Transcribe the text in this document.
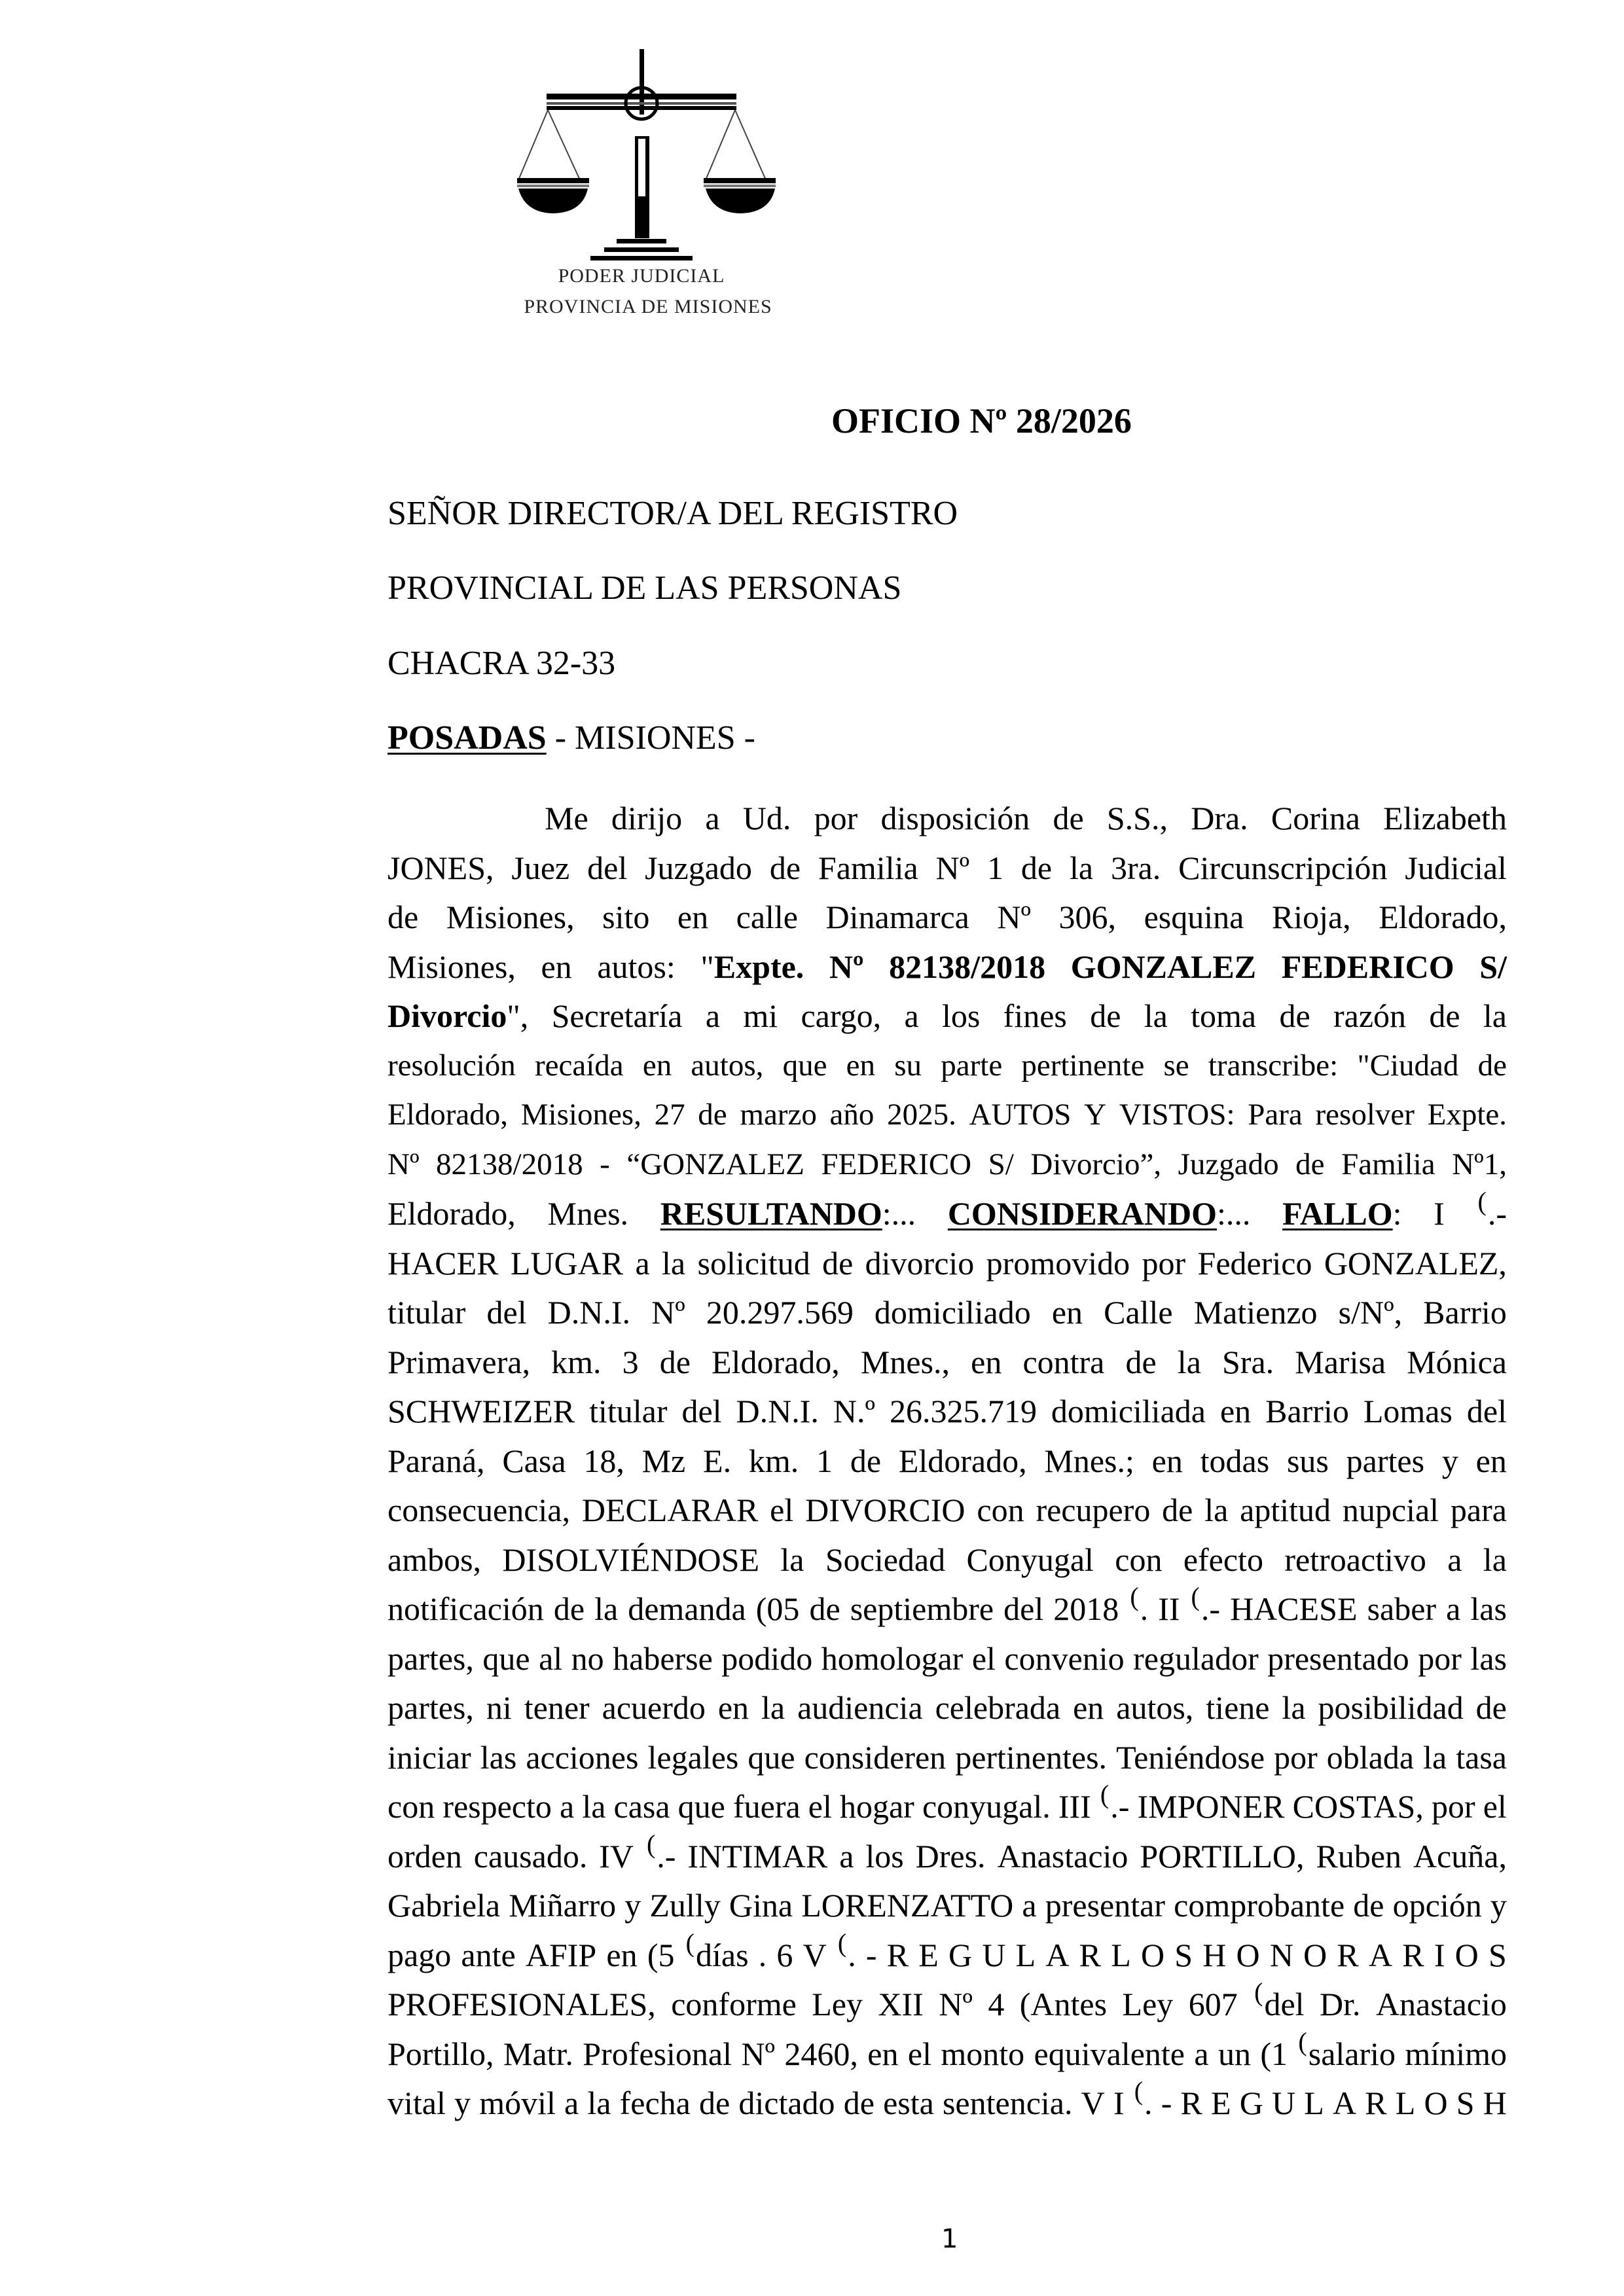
PODER JUDICIAL
PROVINCIA DE MISIONES
OFICIO Nº 28/2026
SEÑOR DIRECTOR/A DEL REGISTRO
PROVINCIAL DE LAS PERSONAS
CHACRA 32-33
POSADAS - MISIONES -
Me dirijo a Ud. por disposición de S.S., Dra. Corina Elizabeth
JONES, Juez del Juzgado de Familia Nº 1 de la 3ra. Circunscripción Judicial
de Misiones, sito en calle Dinamarca Nº 306, esquina Rioja, Eldorado,
Misiones, en autos: "Expte. Nº 82138/2018 GONZALEZ FEDERICO S/
Divorcio", Secretaría a mi cargo, a los fines de la toma de razón de la
resolución recaída en autos, que en su parte pertinente se transcribe: "Ciudad de
Eldorado, Misiones, 27 de marzo año 2025. AUTOS Y VISTOS: Para resolver Expte.
Nº 82138/2018 - “GONZALEZ FEDERICO S/ Divorcio”, Juzgado de Familia Nº1,
Eldorado, Mnes. RESULTANDO:... CONSIDERANDO:... FALLO: I (.-
HACER LUGAR a la solicitud de divorcio promovido por Federico GONZALEZ,
titular del D.N.I. Nº 20.297.569 domiciliado en Calle Matienzo s/Nº, Barrio
Primavera, km. 3 de Eldorado, Mnes., en contra de la Sra. Marisa Mónica
SCHWEIZER titular del D.N.I. N.º 26.325.719 domiciliada en Barrio Lomas del
Paraná, Casa 18, Mz E. km. 1 de Eldorado, Mnes.; en todas sus partes y en
consecuencia, DECLARAR el DIVORCIO con recupero de la aptitud nupcial para
ambos, DISOLVIÉNDOSE la Sociedad Conyugal con efecto retroactivo a la
notificación de la demanda (05 de septiembre del 2018 (. II (.- HACESE saber a las
partes, que al no haberse podido homologar el convenio regulador presentado por las
partes, ni tener acuerdo en la audiencia celebrada en autos, tiene la posibilidad de
iniciar las acciones legales que consideren pertinentes. Teniéndose por oblada la tasa
con respecto a la casa que fuera el hogar conyugal. III (.- IMPONER COSTAS, por el
orden causado. IV (.- INTIMAR a los Dres. Anastacio PORTILLO, Ruben Acuña,
Gabriela Miñarro y Zully Gina LORENZATTO a presentar comprobante de opción y
pago ante AFIP en (5 (días . 6 V (. - R E G U L A R L O S H O N O R A R I O S
PROFESIONALES, conforme Ley XII Nº 4 (Antes Ley 607 (del Dr. Anastacio
Portillo, Matr. Profesional Nº 2460, en el monto equivalente a un (1 (salario mínimo
vital y móvil a la fecha de dictado de esta sentencia. V I (. - R E G U L A R L O S H
1
